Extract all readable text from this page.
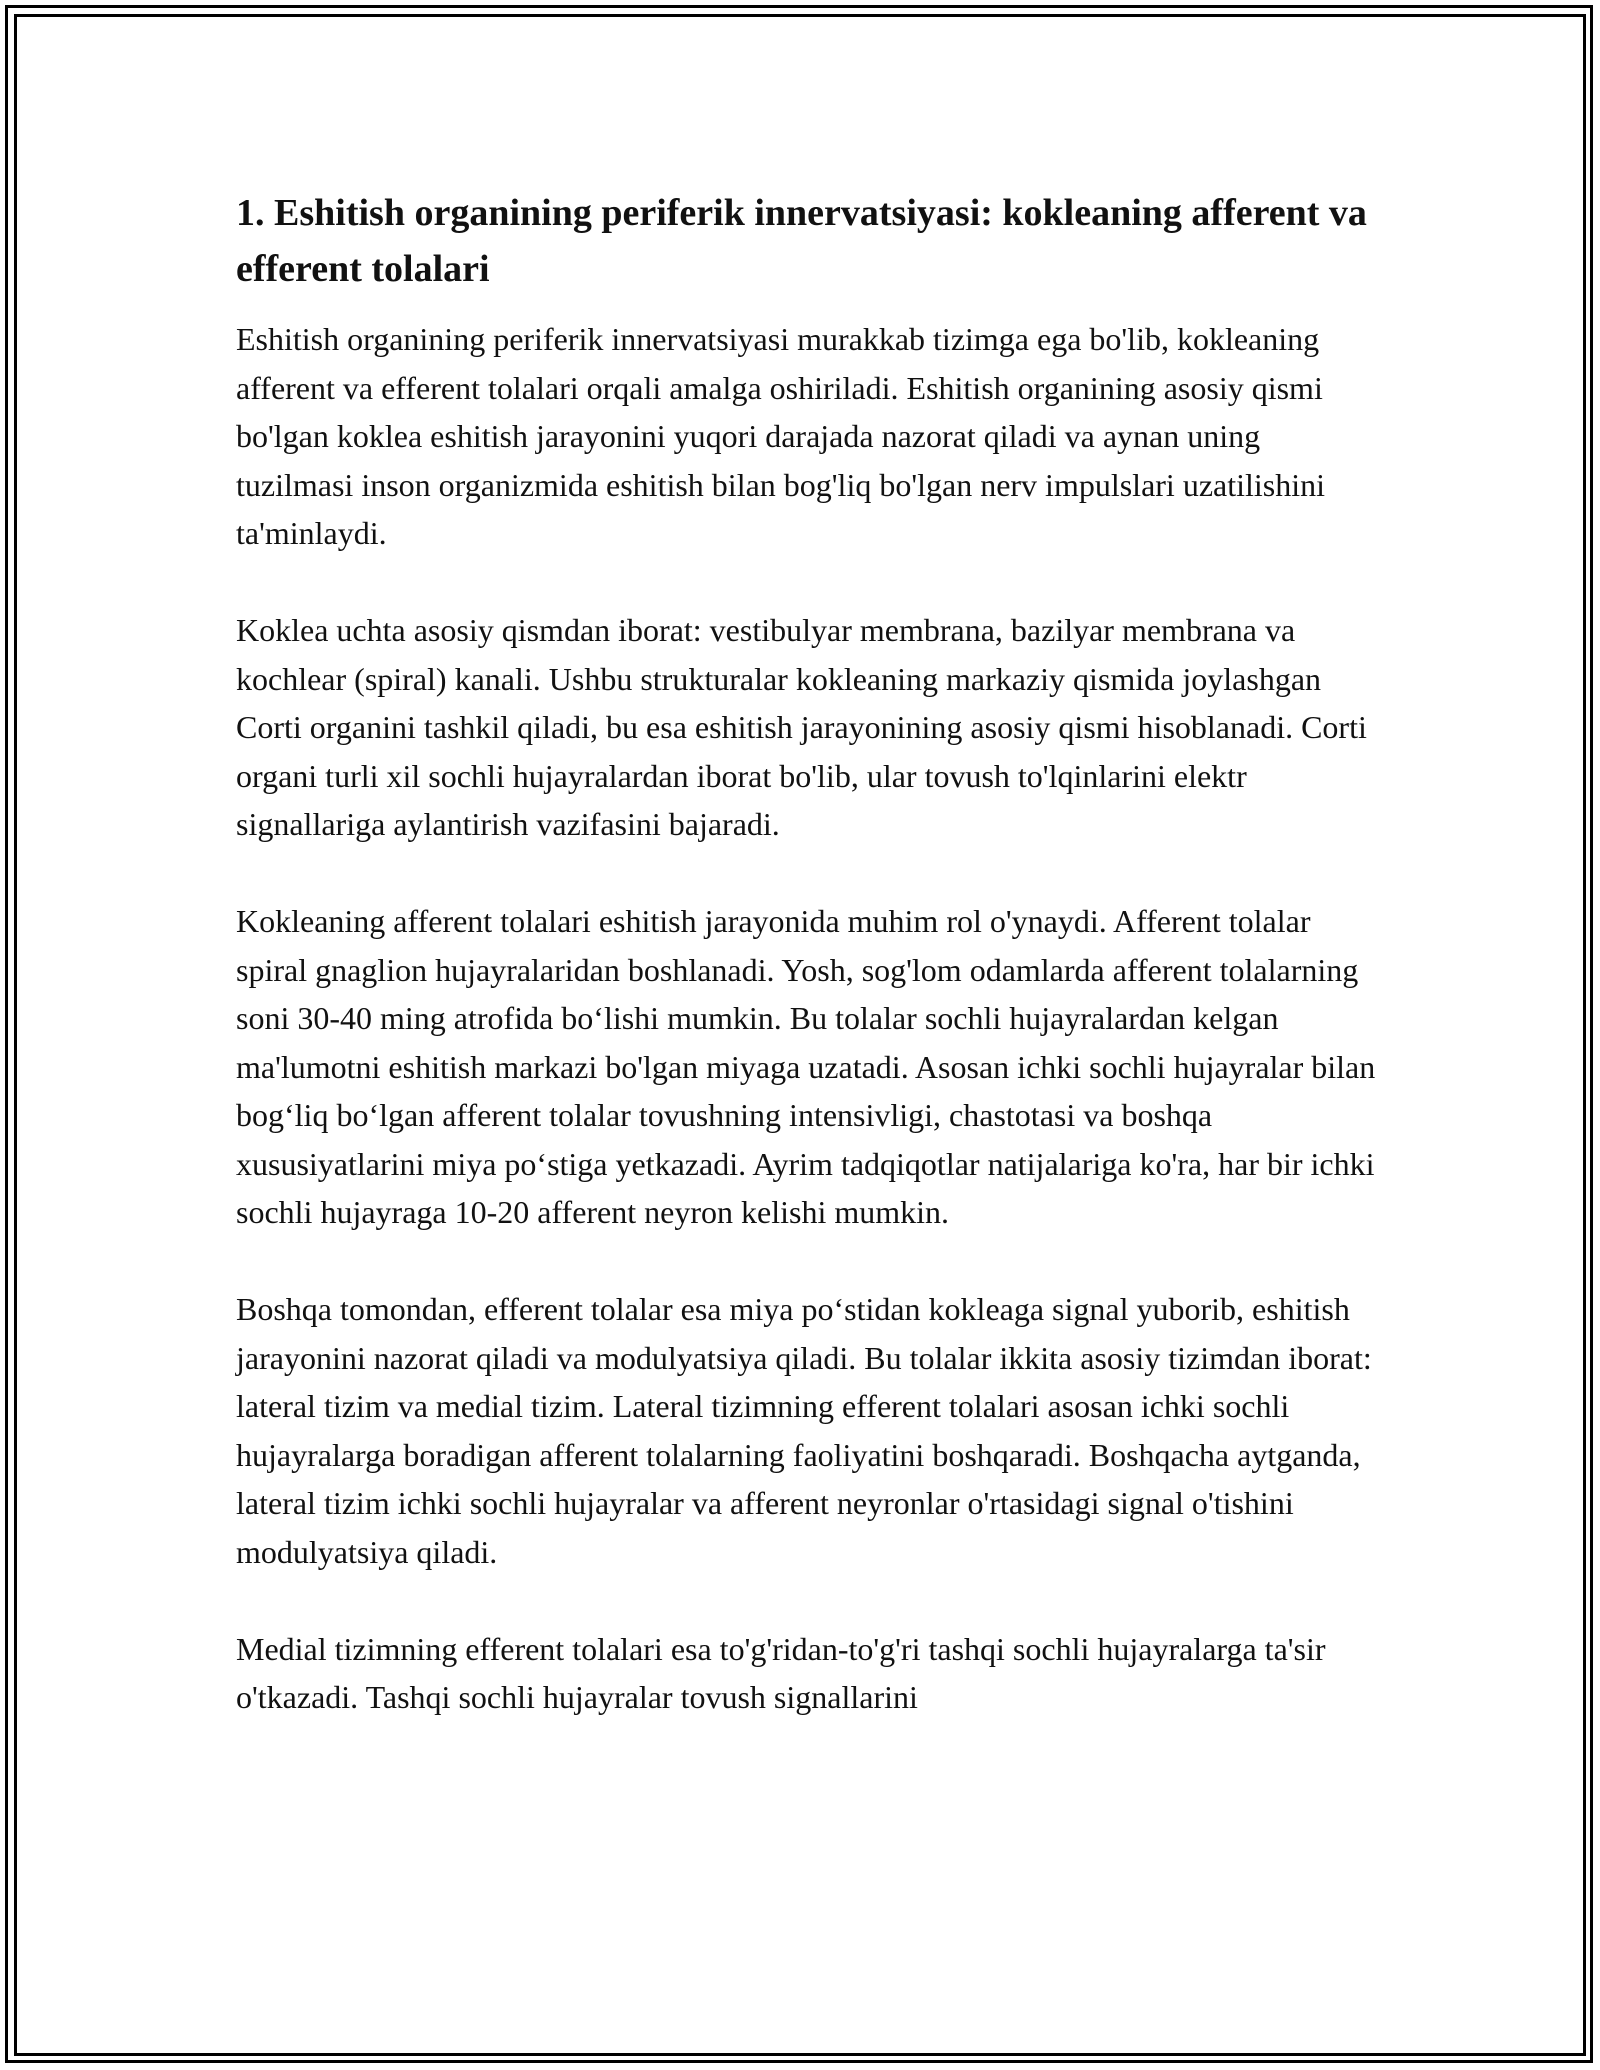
1. Eshitish organining periferik innervatsiyasi: kokleaning afferent va efferent tolalari

Eshitish organining periferik innervatsiyasi murakkab tizimga ega bo'lib, kokleaning afferent va efferent tolalari orqali amalga oshiriladi. Eshitish organining asosiy qismi bo'lgan koklea eshitish jarayonini yuqori darajada nazorat qiladi va aynan uning tuzilmasi inson organizmida eshitish bilan bog'liq bo'lgan nerv impulslari uzatilishini ta'minlaydi.

Koklea uchta asosiy qismdan iborat: vestibulyar membrana, bazilyar membrana va kochlear (spiral) kanali. Ushbu strukturalar kokleaning markaziy qismida joylashgan Corti organini tashkil qiladi, bu esa eshitish jarayonining asosiy qismi hisoblanadi. Corti organi turli xil sochli hujayralardan iborat bo'lib, ular tovush to'lqinlarini elektr signallariga aylantirish vazifasini bajaradi.

Kokleaning afferent tolalari eshitish jarayonida muhim rol o'ynaydi. Afferent tolalar spiral gnaglion hujayralaridan boshlanadi. Yosh, sog'lom odamlarda afferent tolalarning soni 30-40 ming atrofida bo‘lishi mumkin. Bu tolalar sochli hujayralardan kelgan ma'lumotni eshitish markazi bo'lgan miyaga uzatadi. Asosan ichki sochli hujayralar bilan bog‘liq bo‘lgan afferent tolalar tovushning intensivligi, chastotasi va boshqa xususiyatlarini miya po‘stiga yetkazadi. Ayrim tadqiqotlar natijalariga ko'ra, har bir ichki sochli hujayraga 10-20 afferent neyron kelishi mumkin.

Boshqa tomondan, efferent tolalar esa miya po‘stidan kokleaga signal yuborib, eshitish jarayonini nazorat qiladi va modulyatsiya qiladi. Bu tolalar ikkita asosiy tizimdan iborat: lateral tizim va medial tizim. Lateral tizimning efferent tolalari asosan ichki sochli hujayralarga boradigan afferent tolalarning faoliyatini boshqaradi. Boshqacha aytganda, lateral tizim ichki sochli hujayralar va afferent neyronlar o'rtasidagi signal o'tishini modulyatsiya qiladi.

Medial tizimning efferent tolalari esa to'g'ridan-to'g'ri tashqi sochli hujayralarga ta'sir o'tkazadi. Tashqi sochli hujayralar tovush signallarini
